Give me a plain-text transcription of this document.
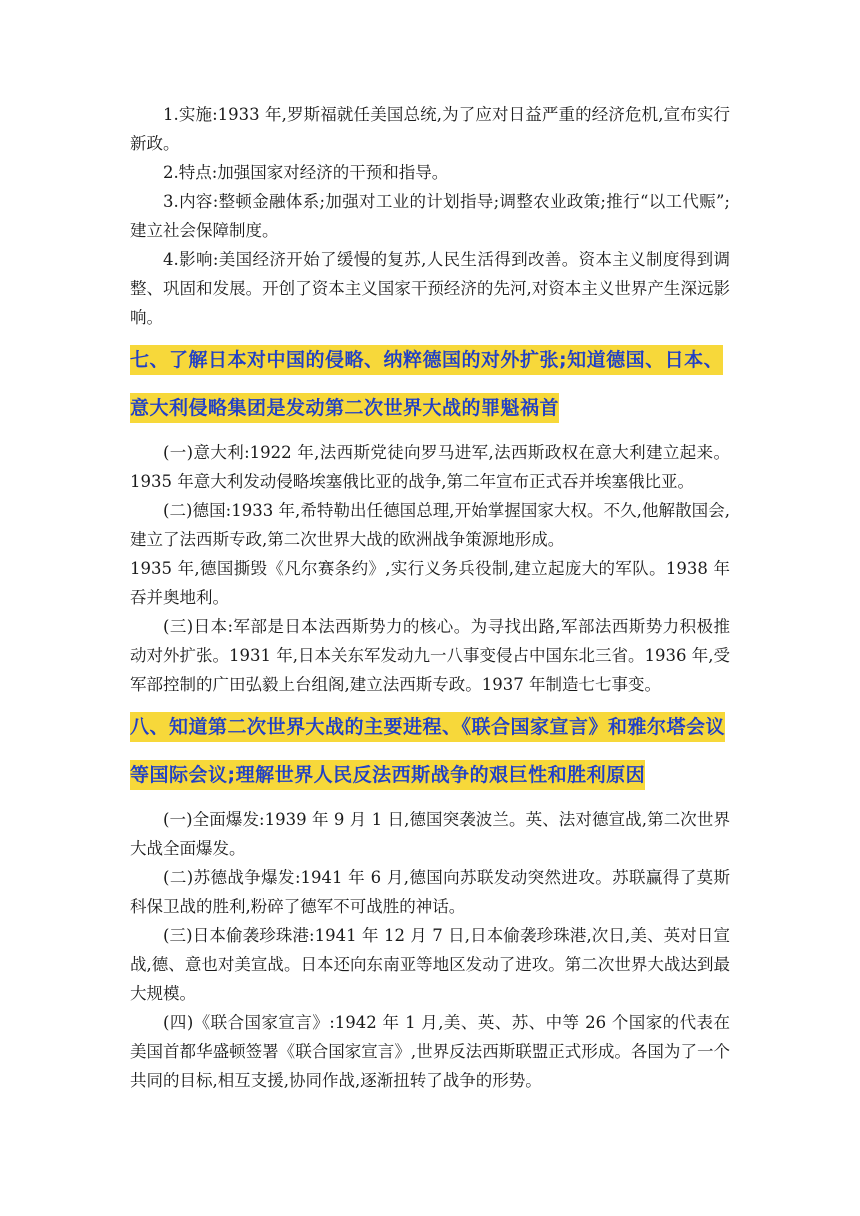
1.实施:1933 年,罗斯福就任美国总统,为了应对日益严重的经济危机,宣布实行新政。

2.特点:加强国家对经济的干预和指导。

3.内容:整顿金融体系;加强对工业的计划指导;调整农业政策;推行“以工代赈”;建立社会保障制度。

4.影响:美国经济开始了缓慢的复苏,人民生活得到改善。资本主义制度得到调整、巩固和发展。开创了资本主义国家干预经济的先河,对资本主义世界产生深远影响。

七、了解日本对中国的侵略、纳粹德国的对外扩张;知道德国、日本、意大利侵略集团是发动第二次世界大战的罪魁祸首

(一)意大利:1922 年,法西斯党徒向罗马进军,法西斯政权在意大利建立起来。1935 年意大利发动侵略埃塞俄比亚的战争,第二年宣布正式吞并埃塞俄比亚。

(二)德国:1933 年,希特勒出任德国总理,开始掌握国家大权。不久,他解散国会,建立了法西斯专政,第二次世界大战的欧洲战争策源地形成。

1935 年,德国撕毁《凡尔赛条约》,实行义务兵役制,建立起庞大的军队。1938 年吞并奥地利。

(三)日本:军部是日本法西斯势力的核心。为寻找出路,军部法西斯势力积极推动对外扩张。1931 年,日本关东军发动九一八事变侵占中国东北三省。1936 年,受军部控制的广田弘毅上台组阁,建立法西斯专政。1937 年制造七七事变。

八、知道第二次世界大战的主要进程、《联合国家宣言》和雅尔塔会议等国际会议;理解世界人民反法西斯战争的艰巨性和胜利原因

(一)全面爆发:1939 年 9 月 1 日,德国突袭波兰。英、法对德宣战,第二次世界大战全面爆发。

(二)苏德战争爆发:1941 年 6 月,德国向苏联发动突然进攻。苏联赢得了莫斯科保卫战的胜利,粉碎了德军不可战胜的神话。

(三)日本偷袭珍珠港:1941 年 12 月 7 日,日本偷袭珍珠港,次日,美、英对日宣战,德、意也对美宣战。日本还向东南亚等地区发动了进攻。第二次世界大战达到最大规模。

(四)《联合国家宣言》:1942 年 1 月,美、英、苏、中等 26 个国家的代表在美国首都华盛顿签署《联合国家宣言》,世界反法西斯联盟正式形成。各国为了一个共同的目标,相互支援,协同作战,逐渐扭转了战争的形势。
